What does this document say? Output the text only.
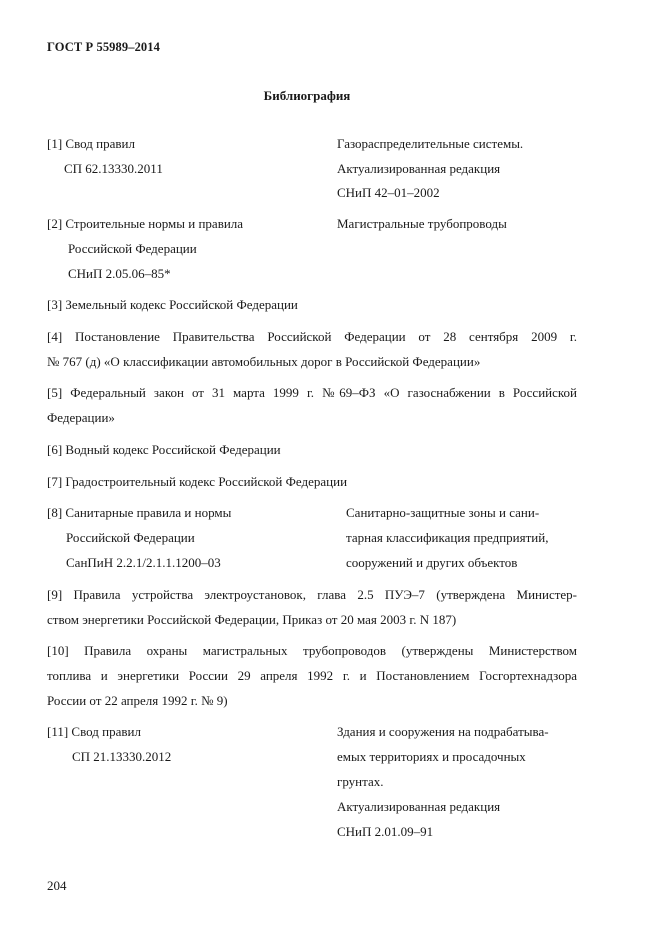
ГОСТ Р 55989–2014
Библиография
[1] Свод правил
СП 62.13330.2011
Газораспределительные системы.
Актуализированная редакция
СНиП 42–01–2002
[2] Строительные нормы и правила
Российской Федерации
СНиП 2.05.06–85*
Магистральные трубопроводы
[3] Земельный кодекс Российской Федерации
[4] Постановление Правительства Российской Федерации от 28 сентября 2009 г.
№ 767 (д) «О классификации автомобильных дорог в Российской Федерации»
[5] Федеральный закон от 31 марта 1999 г. №69–ФЗ «О газоснабжении в Российской
Федерации»
[6] Водный кодекс Российской Федерации
[7] Градостроительный кодекс Российской Федерации
[8] Санитарные правила и нормы
Российской Федерации
СанПиН 2.2.1/2.1.1.1200–03
Санитарно-защитные зоны и сани-
тарная классификация предприятий,
сооружений и других объектов
[9] Правила устройства электроустановок, глава 2.5 ПУЭ–7 (утверждена Министер-
ством энергетики Российской Федерации, Приказ от 20 мая 2003 г. N 187)
[10] Правила охраны магистральных трубопроводов (утверждены Министерством
топлива и энергетики России 29 апреля 1992 г. и Постановлением Госгортехнадзора
России от 22 апреля 1992 г. № 9)
[11] Свод правил
СП 21.13330.2012
Здания и сооружения на подрабатыва-
емых территориях и просадочных
грунтах.
Актуализированная редакция
СНиП 2.01.09–91
204
